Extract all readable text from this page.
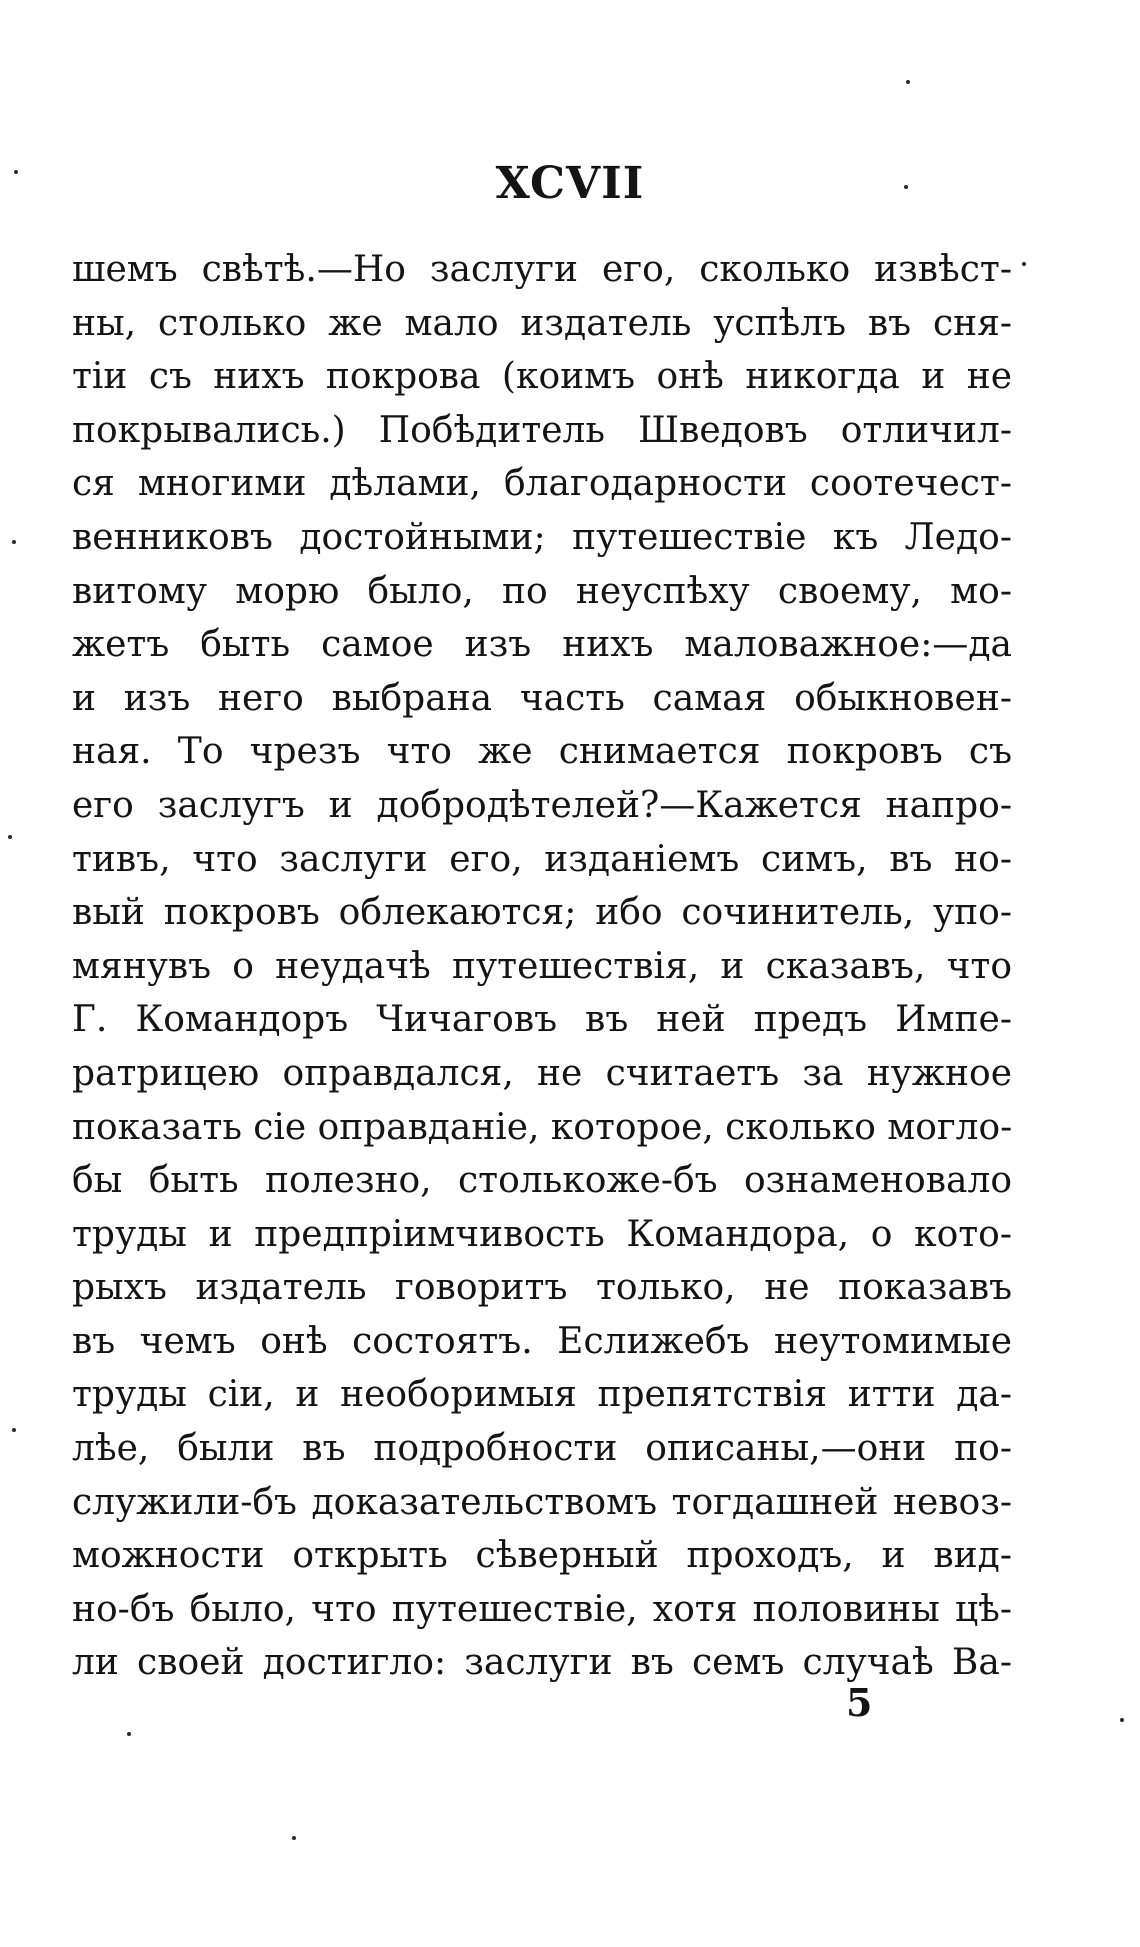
XCVII
шемъ свѣтѣ.—Но заслуги его, сколько извѣст-
ны, столько же мало издатель успѣлъ въ сня-
тіи съ нихъ покрова (коимъ онѣ никогда и не
покрывались.) Побѣдитель Шведовъ отличил-
ся многими дѣлами, благодарности соотечест-
венниковъ достойными; путешествіе къ Ледо-
витому морю было, по неуспѣху своему, мо-
жетъ быть самое изъ нихъ маловажное:—да
и изъ него выбрана часть самая обыкновен-
ная. То чрезъ что же снимается покровъ съ
его заслугъ и добродѣтелей?—Кажется напро-
тивъ, что заслуги его, изданіемъ симъ, въ но-
вый покровъ облекаются; ибо сочинитель, упо-
мянувъ о неудачѣ путешествія, и сказавъ, что
Г. Командоръ Чичаговъ въ ней предъ Импе-
ратрицею оправдался, не считаетъ за нужное
показать сіе оправданіе, которое, сколько могло-
бы быть полезно, столькоже-бъ ознаменовало
труды и предпріимчивость Командора, о кото-
рыхъ издатель говоритъ только, не показавъ
въ чемъ онѣ состоятъ. Еслижебъ неутомимые
труды сіи, и необоримыя препятствія итти да-
лѣе, были въ подробности описаны,—они по-
служили-бъ доказательствомъ тогдашней невоз-
можности открыть сѣверный проходъ, и вид-
но-бъ было, что путешествіе, хотя половины цѣ-
ли своей достигло: заслуги въ семъ случаѣ Ва-
5
